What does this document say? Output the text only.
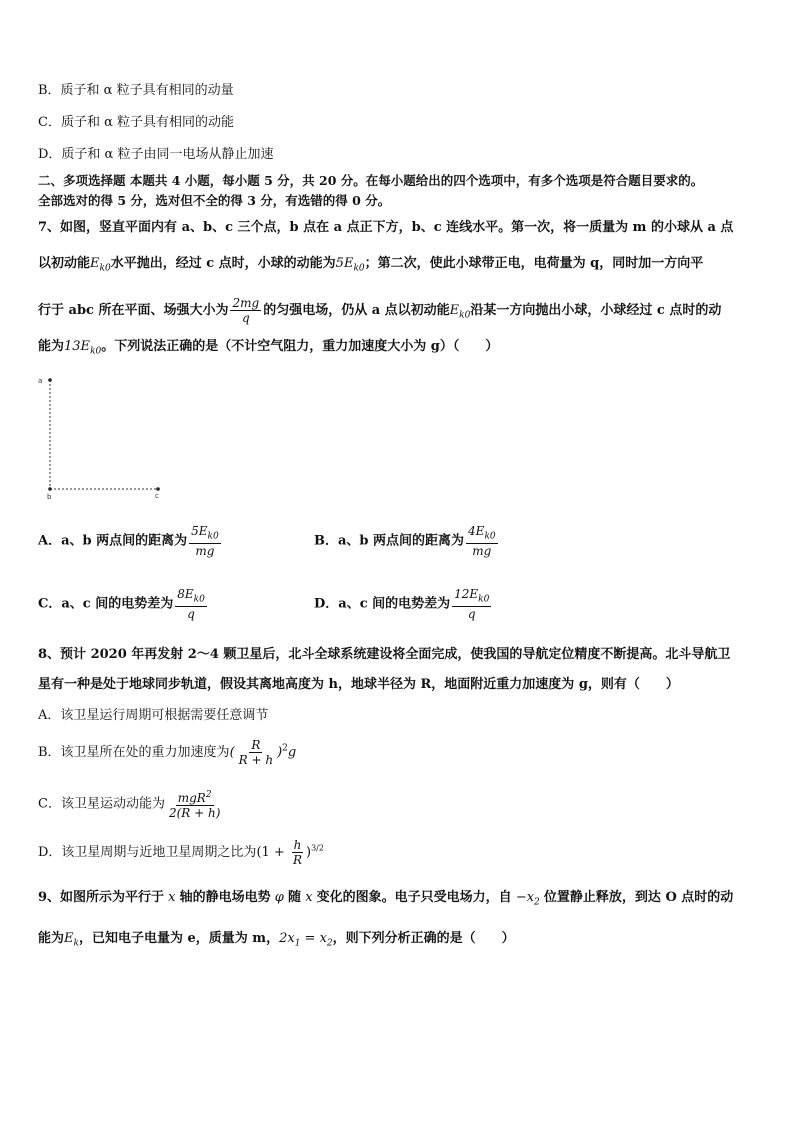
B．质子和 α 粒子具有相同的动量
C．质子和 α 粒子具有相同的动能
D．质子和 α 粒子由同一电场从静止加速
二、多项选择题 本题共 4 小题，每小题 5 分，共 20 分。在每小题给出的四个选项中，有多个选项是符合题目要求的。
全部选对的得 5 分，选对但不全的得 3 分，有选错的得 0 分。
7、如图，竖直平面内有 a、b、c 三个点，b 点在 a 点正下方，b、c 连线水平。第一次，将一质量为 m 的小球从 a 点
以初动能$E_{k0}$水平抛出，经过 c 点时，小球的动能为$5E_{k0}$；第二次，使此小球带正电，电荷量为 q，同时加一方向平
行于 abc 所在平面、场强大小为 $\frac{2mg}{q}$ 的匀强电场，仍从 a 点以初动能$E_{k0}$沿某一方向抛出小球，小球经过 c 点时的动
能为$13E_{k0}$。下列说法正确的是（不计空气阻力，重力加速度大小为 g）（　　）
a
b	c
A．a、b 两点间的距离为 $\frac{5E_{k0}}{mg}$	B．a、b 两点间的距离为 $\frac{4E_{k0}}{mg}$
C．a、c 间的电势差为 $\frac{8E_{k0}}{q}$	D．a、c 间的电势差为 $\frac{12E_{k0}}{q}$
8、预计 2020 年再发射 2～4 颗卫星后，北斗全球系统建设将全面完成，使我国的导航定位精度不断提高。北斗导航卫
星有一种是处于地球同步轨道，假设其离地高度为 h，地球半径为 R，地面附近重力加速度为 g，则有（　　）
A．该卫星运行周期可根据需要任意调节
B．该卫星所在处的重力加速度为( $\frac{R}{R + h} )^2g$
C．该卫星运动动能为 $\frac{mgR^2}{2(R + h)}$
D．该卫星周期与近地卫星周期之比为$(1 + \frac{h}{R} )^{3/2}$
9、如图所示为平行于 x 轴的静电场电势 φ 随 x 变化的图象。电子只受电场力，自 $-x_2$ 位置静止释放，到达 O 点时的动
能为$E_k$，已知电子电量为 e，质量为 m，$2x_1 = x_2$，则下列分析正确的是（　　）
